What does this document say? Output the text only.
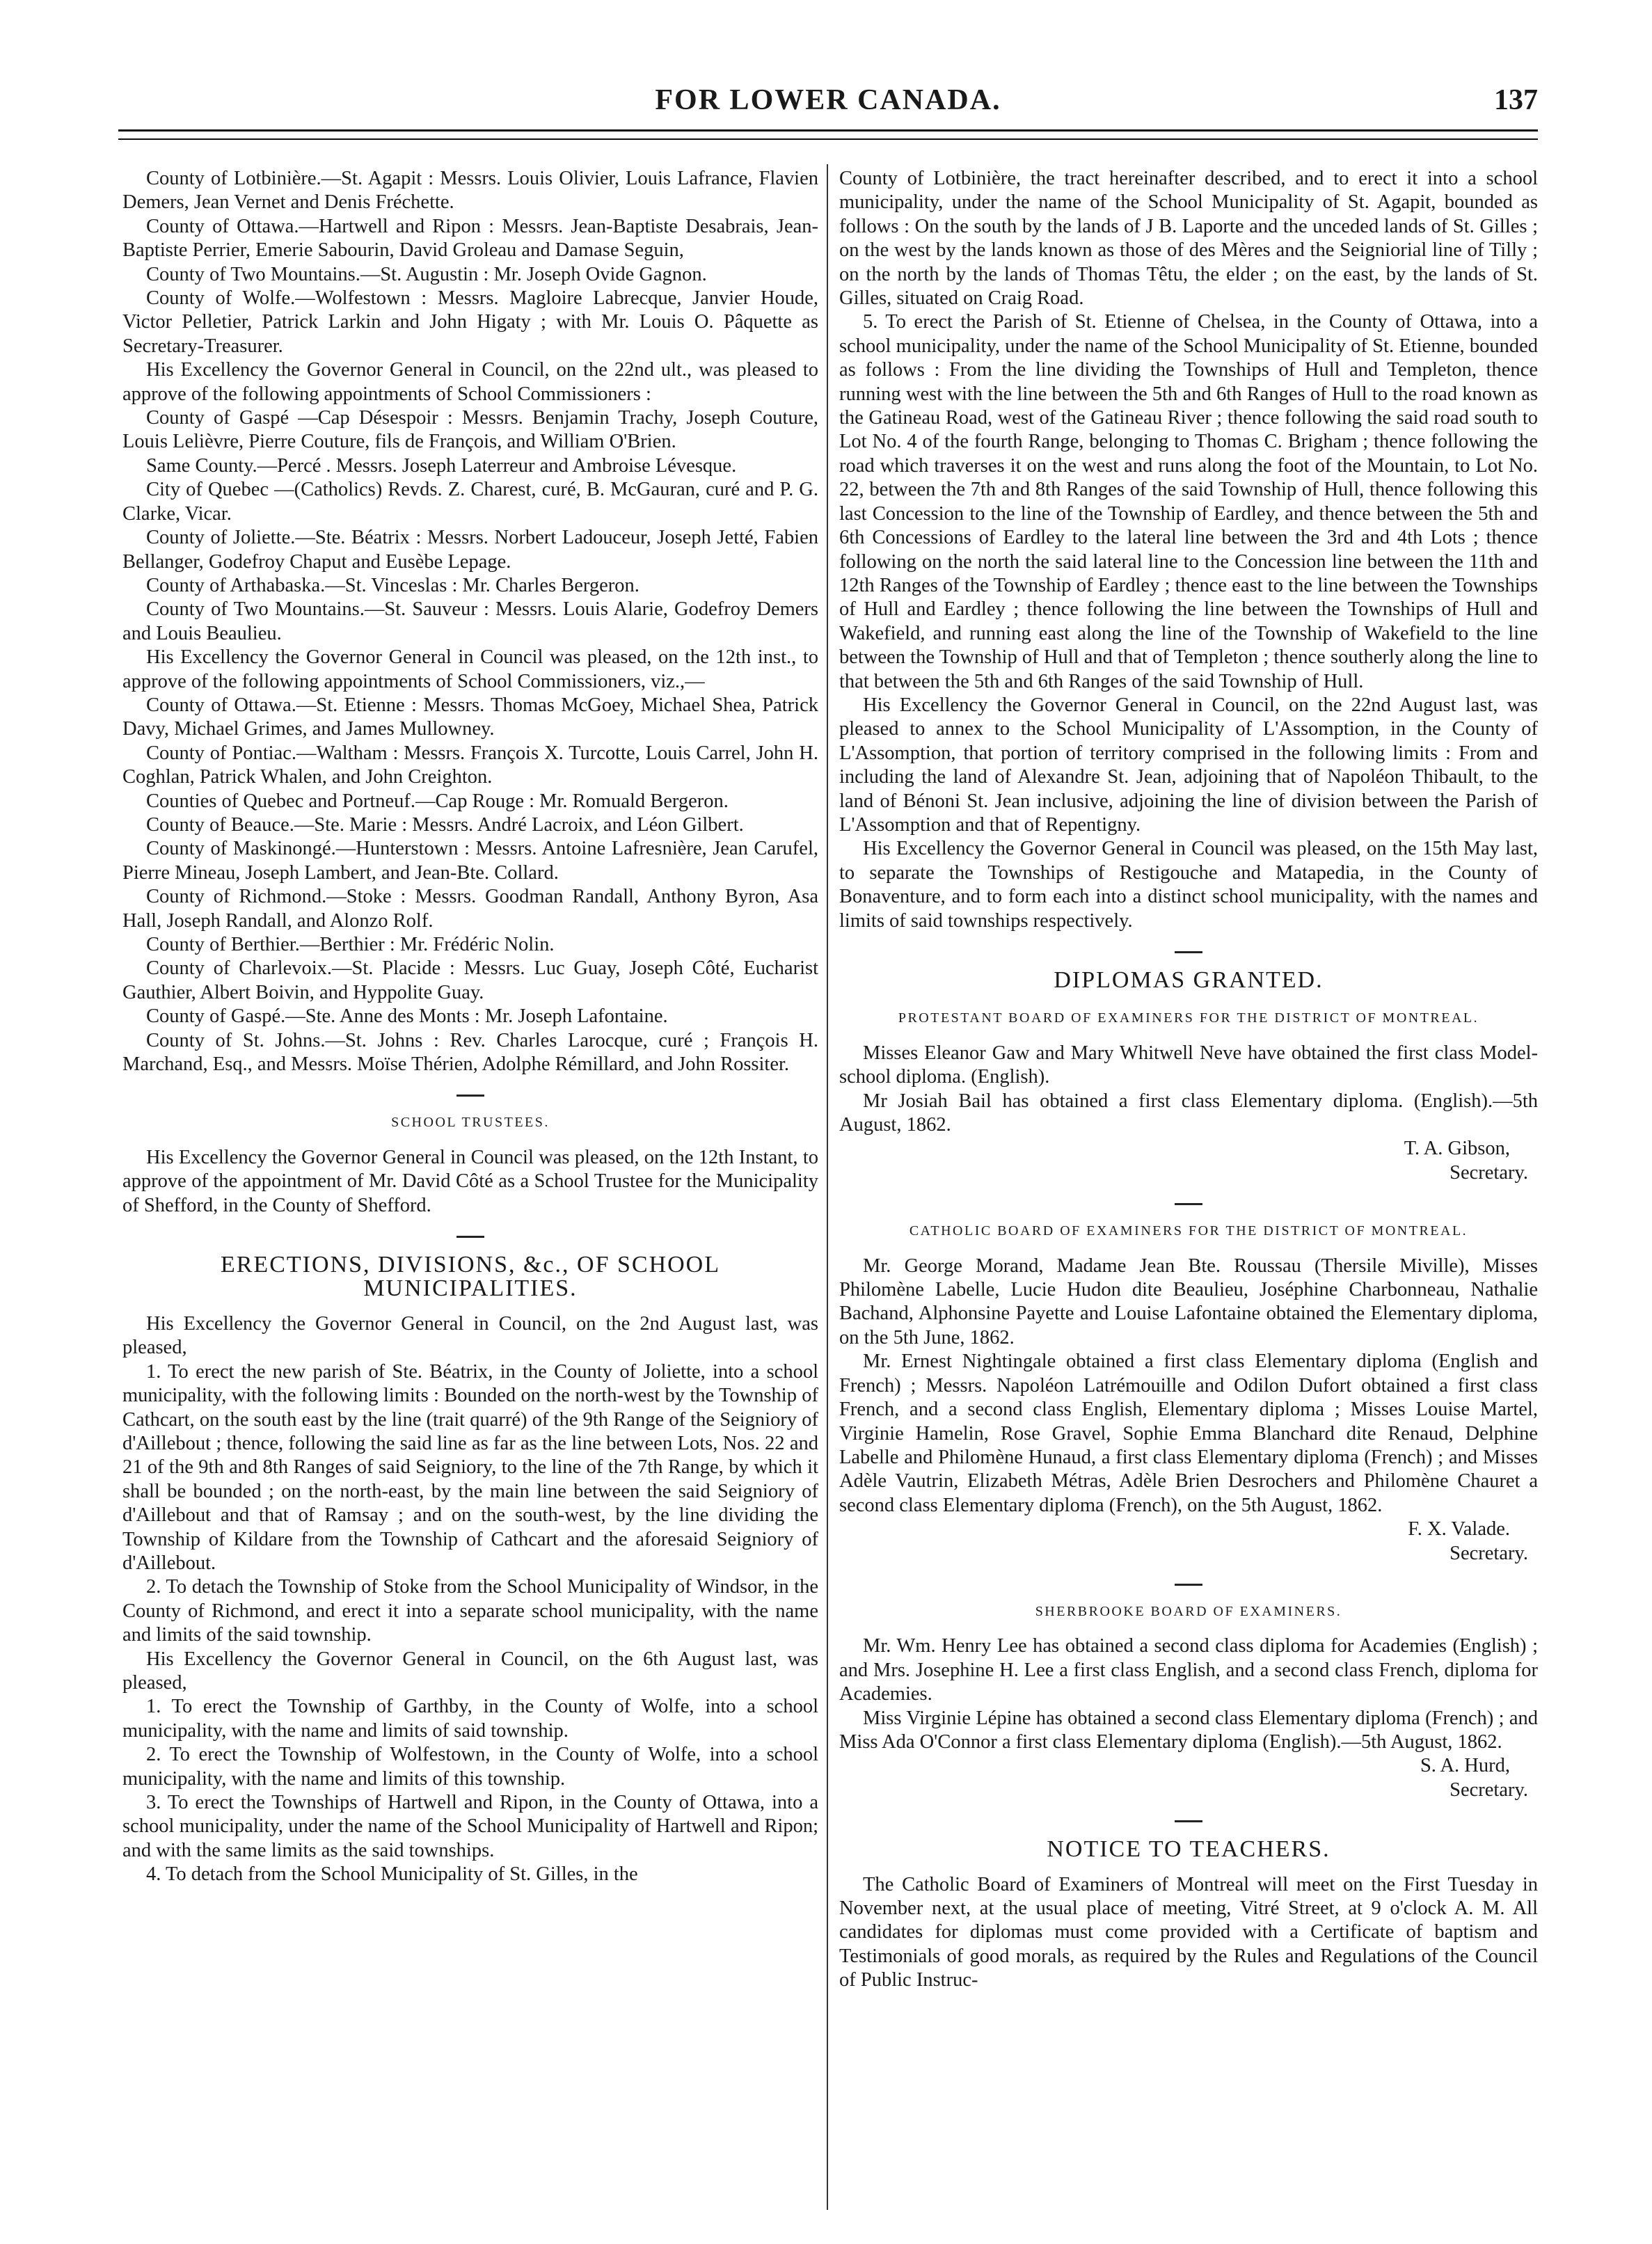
FOR LOWER CANADA.	137

County of Lotbinière.—St. Agapit : Messrs. Louis Olivier, Louis Lafrance, Flavien Demers, Jean Vernet and Denis Fréchette.

County of Ottawa.—Hartwell and Ripon : Messrs. Jean-Baptiste Desabrais, Jean-Baptiste Perrier, Emerie Sabourin, David Groleau and Damase Seguin,

County of Two Mountains.—St. Augustin : Mr. Joseph Ovide Gagnon.

County of Wolfe.—Wolfestown : Messrs. Magloire Labrecque, Janvier Houde, Victor Pelletier, Patrick Larkin and John Higaty ; with Mr. Louis O. Pâquette as Secretary-Treasurer.

His Excellency the Governor General in Council, on the 22nd ult., was pleased to approve of the following appointments of School Commissioners :

County of Gaspé —Cap Désespoir : Messrs. Benjamin Trachy, Joseph Couture, Louis Lelièvre, Pierre Couture, fils de François, and William O'Brien.

Same County.—Percé . Messrs. Joseph Laterreur and Ambroise Lévesque.

City of Quebec —(Catholics) Revds. Z. Charest, curé, B. McGauran, curé and P. G. Clarke, Vicar.

County of Joliette.—Ste. Béatrix : Messrs. Norbert Ladouceur, Joseph Jetté, Fabien Bellanger, Godefroy Chaput and Eusèbe Lepage.

County of Arthabaska.—St. Vinceslas : Mr. Charles Bergeron.

County of Two Mountains.—St. Sauveur : Messrs. Louis Alarie, Godefroy Demers and Louis Beaulieu.

His Excellency the Governor General in Council was pleased, on the 12th inst., to approve of the following appointments of School Commissioners, viz.,—

County of Ottawa.—St. Etienne : Messrs. Thomas McGoey, Michael Shea, Patrick Davy, Michael Grimes, and James Mullowney.

County of Pontiac.—Waltham : Messrs. François X. Turcotte, Louis Carrel, John H. Coghlan, Patrick Whalen, and John Creighton.

Counties of Quebec and Portneuf.—Cap Rouge : Mr. Romuald Bergeron.

County of Beauce.—Ste. Marie : Messrs. André Lacroix, and Léon Gilbert.

County of Maskinongé.—Hunterstown : Messrs. Antoine Lafresnière, Jean Carufel, Pierre Mineau, Joseph Lambert, and Jean-Bte. Collard.

County of Richmond.—Stoke : Messrs. Goodman Randall, Anthony Byron, Asa Hall, Joseph Randall, and Alonzo Rolf.

County of Berthier.—Berthier : Mr. Frédéric Nolin.

County of Charlevoix.—St. Placide : Messrs. Luc Guay, Joseph Côté, Eucharist Gauthier, Albert Boivin, and Hyppolite Guay.

County of Gaspé.—Ste. Anne des Monts : Mr. Joseph Lafontaine.

County of St. Johns.—St. Johns : Rev. Charles Larocque, curé ; François H. Marchand, Esq., and Messrs. Moïse Thérien, Adolphe Rémillard, and John Rossiter.

SCHOOL TRUSTEES.

His Excellency the Governor General in Council was pleased, on the 12th Instant, to approve of the appointment of Mr. David Côté as a School Trustee for the Municipality of Shefford, in the County of Shefford.

ERECTIONS, DIVISIONS, &c., OF SCHOOL MUNICIPALITIES.

His Excellency the Governor General in Council, on the 2nd August last, was pleased,

1. To erect the new parish of Ste. Béatrix, in the County of Joliette, into a school municipality, with the following limits : Bounded on the north-west by the Township of Cathcart, on the south east by the line (trait quarré) of the 9th Range of the Seigniory of d'Aillebout ; thence, following the said line as far as the line between Lots, Nos. 22 and 21 of the 9th and 8th Ranges of said Seigniory, to the line of the 7th Range, by which it shall be bounded ; on the north-east, by the main line between the said Seigniory of d'Aillebout and that of Ramsay ; and on the south-west, by the line dividing the Township of Kildare from the Township of Cathcart and the aforesaid Seigniory of d'Aillebout.

2. To detach the Township of Stoke from the School Municipality of Windsor, in the County of Richmond, and erect it into a separate school municipality, with the name and limits of the said township.

His Excellency the Governor General in Council, on the 6th August last, was pleased,

1. To erect the Township of Garthby, in the County of Wolfe, into a school municipality, with the name and limits of said township.

2. To erect the Township of Wolfestown, in the County of Wolfe, into a school municipality, with the name and limits of this township.

3. To erect the Townships of Hartwell and Ripon, in the County of Ottawa, into a school municipality, under the name of the School Municipality of Hartwell and Ripon; and with the same limits as the said townships.

4. To detach from the School Municipality of St. Gilles, in the

County of Lotbinière, the tract hereinafter described, and to erect it into a school municipality, under the name of the School Municipality of St. Agapit, bounded as follows : On the south by the lands of J B. Laporte and the unceded lands of St. Gilles ; on the west by the lands known as those of des Mères and the Seigniorial line of Tilly ; on the north by the lands of Thomas Têtu, the elder ; on the east, by the lands of St. Gilles, situated on Craig Road.

5. To erect the Parish of St. Etienne of Chelsea, in the County of Ottawa, into a school municipality, under the name of the School Municipality of St. Etienne, bounded as follows : From the line dividing the Townships of Hull and Templeton, thence running west with the line between the 5th and 6th Ranges of Hull to the road known as the Gatineau Road, west of the Gatineau River ; thence following the said road south to Lot No. 4 of the fourth Range, belonging to Thomas C. Brigham ; thence following the road which traverses it on the west and runs along the foot of the Mountain, to Lot No. 22, between the 7th and 8th Ranges of the said Township of Hull, thence following this last Concession to the line of the Township of Eardley, and thence between the 5th and 6th Concessions of Eardley to the lateral line between the 3rd and 4th Lots ; thence following on the north the said lateral line to the Concession line between the 11th and 12th Ranges of the Township of Eardley ; thence east to the line between the Townships of Hull and Eardley ; thence following the line between the Townships of Hull and Wakefield, and running east along the line of the Township of Wakefield to the line between the Township of Hull and that of Templeton ; thence southerly along the line to that between the 5th and 6th Ranges of the said Township of Hull.

His Excellency the Governor General in Council, on the 22nd August last, was pleased to annex to the School Municipality of L'Assomption, in the County of L'Assomption, that portion of territory comprised in the following limits : From and including the land of Alexandre St. Jean, adjoining that of Napoléon Thibault, to the land of Bénoni St. Jean inclusive, adjoining the line of division between the Parish of L'Assomption and that of Repentigny.

His Excellency the Governor General in Council was pleased, on the 15th May last, to separate the Townships of Restigouche and Matapedia, in the County of Bonaventure, and to form each into a distinct school municipality, with the names and limits of said townships respectively.

DIPLOMAS GRANTED.
PROTESTANT BOARD OF EXAMINERS FOR THE DISTRICT OF MONTREAL.

Misses Eleanor Gaw and Mary Whitwell Neve have obtained the first class Model-school diploma. (English).

Mr Josiah Bail has obtained a first class Elementary diploma. (English).—5th August, 1862.

T. A. Gibson,

Secretary.

CATHOLIC BOARD OF EXAMINERS FOR THE DISTRICT OF MONTREAL.

Mr. George Morand, Madame Jean Bte. Roussau (Thersile Miville), Misses Philomène Labelle, Lucie Hudon dite Beaulieu, Joséphine Charbonneau, Nathalie Bachand, Alphonsine Payette and Louise Lafontaine obtained the Elementary diploma, on the 5th June, 1862.

Mr. Ernest Nightingale obtained a first class Elementary diploma (English and French) ; Messrs. Napoléon Latrémouille and Odilon Dufort obtained a first class French, and a second class English, Elementary diploma ; Misses Louise Martel, Virginie Hamelin, Rose Gravel, Sophie Emma Blanchard dite Renaud, Delphine Labelle and Philomène Hunaud, a first class Elementary diploma (French) ; and Misses Adèle Vautrin, Elizabeth Métras, Adèle Brien Desrochers and Philomène Chauret a second class Elementary diploma (French), on the 5th August, 1862.

F. X. Valade.

Secretary.

SHERBROOKE BOARD OF EXAMINERS.

Mr. Wm. Henry Lee has obtained a second class diploma for Academies (English) ; and Mrs. Josephine H. Lee a first class English, and a second class French, diploma for Academies.

Miss Virginie Lépine has obtained a second class Elementary diploma (French) ; and Miss Ada O'Connor a first class Elementary diploma (English).—5th August, 1862.

S. A. Hurd,

Secretary.

NOTICE TO TEACHERS.

The Catholic Board of Examiners of Montreal will meet on the First Tuesday in November next, at the usual place of meeting, Vitré Street, at 9 o'clock A. M. All candidates for diplomas must come provided with a Certificate of baptism and Testimonials of good morals, as required by the Rules and Regulations of the Council of Public Instruc-
